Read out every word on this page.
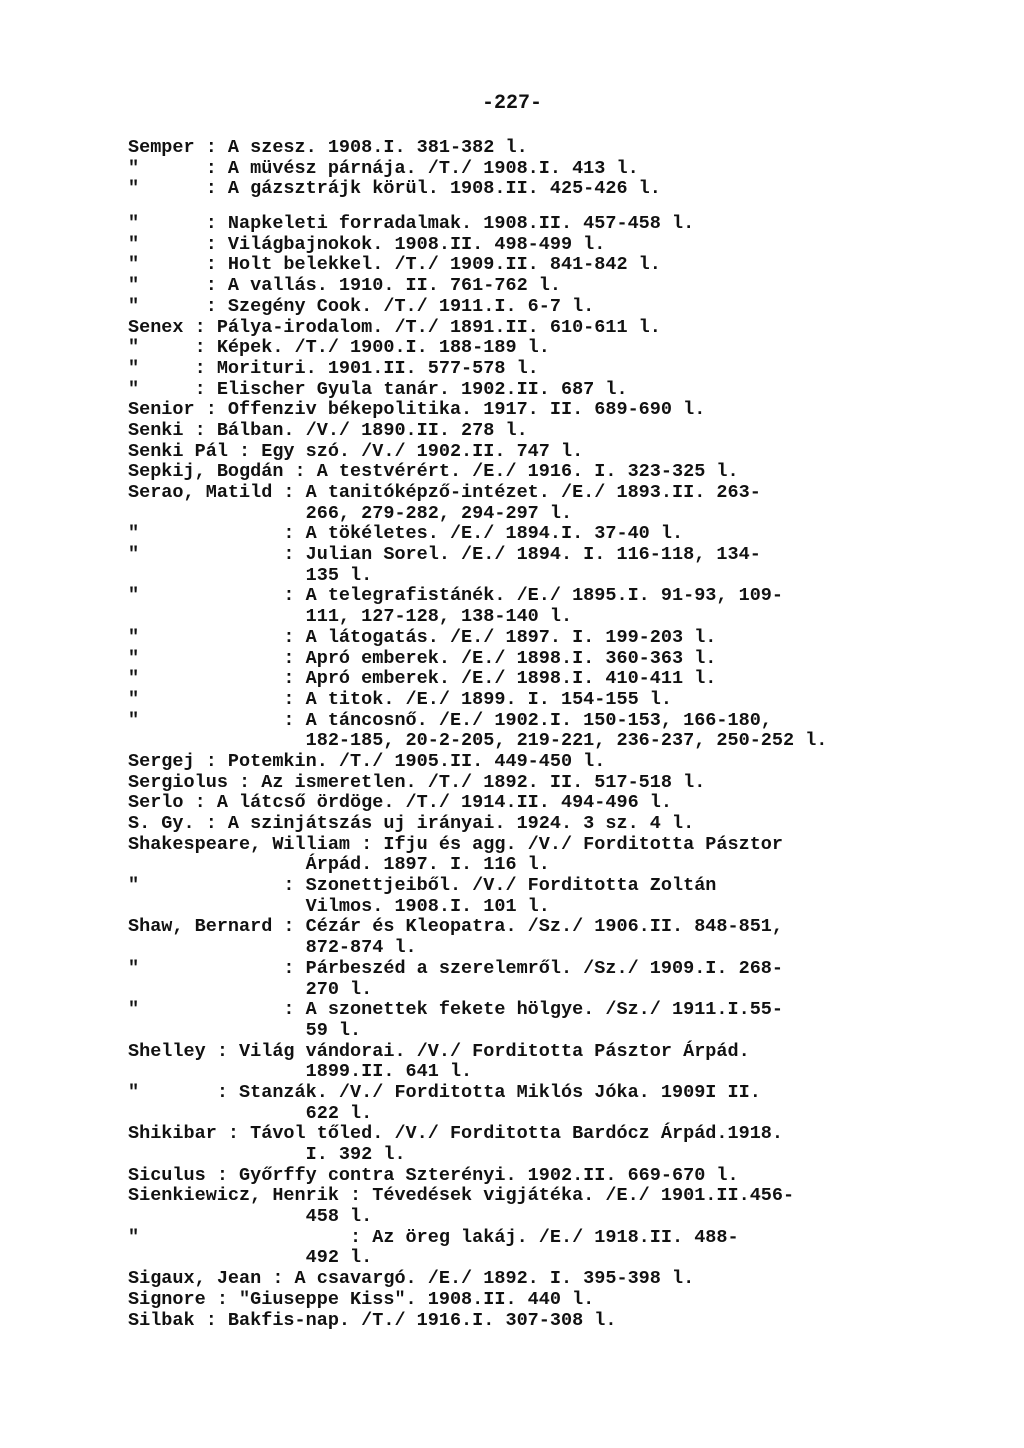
-227-
Semper : A szesz. 1908.I. 381-382 l.
"      : A müvész párnája. /T./ 1908.I. 413 l.
"      : A gázsztrájk körül. 1908.II. 425-426 l.
"      : Napkeleti forradalmak. 1908.II. 457-458 l.
"      : Világbajnokok. 1908.II. 498-499 l.
"      : Holt belekkel. /T./ 1909.II. 841-842 l.
"      : A vallás. 1910. II. 761-762 l.
"      : Szegény Cook. /T./ 1911.I. 6-7 l.
Senex : Pálya-irodalom. /T./ 1891.II. 610-611 l.
"     : Képek. /T./ 1900.I. 188-189 l.
"     : Morituri. 1901.II. 577-578 l.
"     : Elischer Gyula tanár. 1902.II. 687 l.
Senior : Offenziv békepolitika. 1917. II. 689-690 l.
Senki : Bálban. /V./ 1890.II. 278 l.
Senki Pál : Egy szó. /V./ 1902.II. 747 l.
Sepkij, Bogdán : A testvérért. /E./ 1916. I. 323-325 l.
Serao, Matild : A tanitóképző-intézet. /E./ 1893.II. 263-
266, 279-282, 294-297 l.
"             : A tökéletes. /E./ 1894.I. 37-40 l.
"             : Julian Sorel. /E./ 1894. I. 116-118, 134-
135 l.
"             : A telegrafistánék. /E./ 1895.I. 91-93, 109-
111, 127-128, 138-140 l.
"             : A látogatás. /E./ 1897. I. 199-203 l.
"             : Apró emberek. /E./ 1898.I. 360-363 l.
"             : Apró emberek. /E./ 1898.I. 410-411 l.
"             : A titok. /E./ 1899. I. 154-155 l.
"             : A táncosnő. /E./ 1902.I. 150-153, 166-180,
182-185, 20-2-205, 219-221, 236-237, 250-252 l.
Sergej : Potemkin. /T./ 1905.II. 449-450 l.
Sergiolus : Az ismeretlen. /T./ 1892. II. 517-518 l.
Serlo : A látcső ördöge. /T./ 1914.II. 494-496 l.
S. Gy. : A szinjátszás uj irányai. 1924. 3 sz. 4 l.
Shakespeare, William : Ifju és agg. /V./ Forditotta Pásztor
Árpád. 1897. I. 116 l.
"             : Szonettjeiből. /V./ Forditotta Zoltán
Vilmos. 1908.I. 101 l.
Shaw, Bernard : Cézár és Kleopatra. /Sz./ 1906.II. 848-851,
872-874 l.
"             : Párbeszéd a szerelemről. /Sz./ 1909.I. 268-
270 l.
"             : A szonettek fekete hölgye. /Sz./ 1911.I.55-
59 l.
Shelley : Világ vándorai. /V./ Forditotta Pásztor Árpád.
1899.II. 641 l.
"       : Stanzák. /V./ Forditotta Miklós Jóka. 1909I II.
622 l.
Shikibar : Távol tőled. /V./ Forditotta Bardócz Árpád.1918.
I. 392 l.
Siculus : Győrffy contra Szterényi. 1902.II. 669-670 l.
Sienkiewicz, Henrik : Tévedések vigjátéka. /E./ 1901.II.456-
458 l.
"                   : Az öreg lakáj. /E./ 1918.II. 488-
492 l.
Sigaux, Jean : A csavargó. /E./ 1892. I. 395-398 l.
Signore : "Giuseppe Kiss". 1908.II. 440 l.
Silbak : Bakfis-nap. /T./ 1916.I. 307-308 l.
